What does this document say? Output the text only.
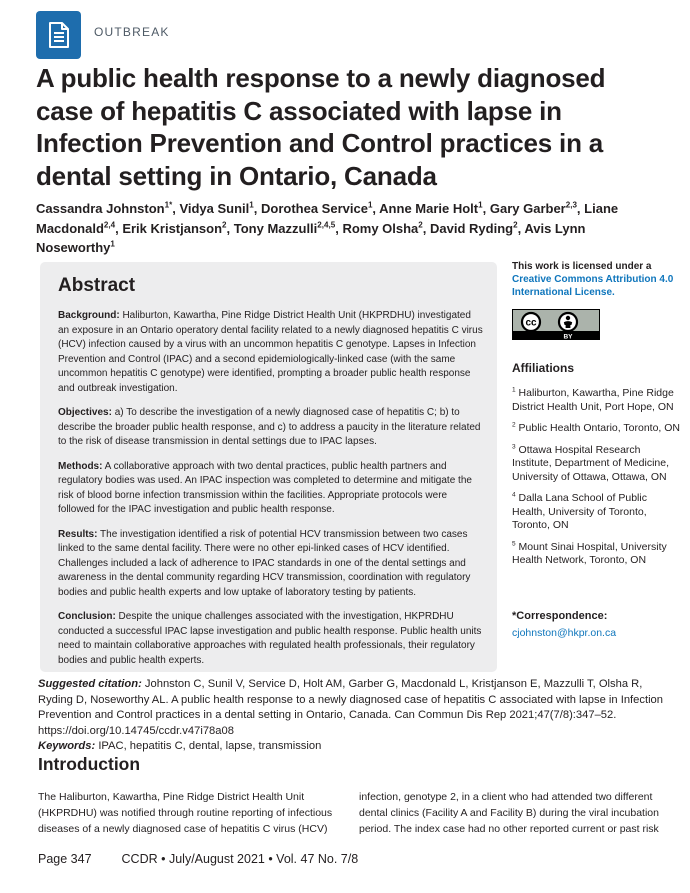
OUTBREAK
A public health response to a newly diagnosed case of hepatitis C associated with lapse in Infection Prevention and Control practices in a dental setting in Ontario, Canada

Cassandra Johnston$^{1*}$, Vidya Sunil$^1$, Dorothea Service$^1$, Anne Marie Holt$^1$, Gary Garber$^{2,3}$, Liane Macdonald$^{2,4}$, Erik Kristjanson$^2$, Tony Mazzulli$^{2,4,5}$, Romy Olsha$^2$, David Ryding$^2$, Avis Lynn Noseworthy$^1$

Abstract

Background: Haliburton, Kawartha, Pine Ridge District Health Unit (HKPRDHU) investigated an exposure in an Ontario operatory dental facility related to a newly diagnosed hepatitis C virus (HCV) infection caused by a virus with an uncommon hepatitis C genotype. Lapses in Infection Prevention and Control (IPAC) and a second epidemiologically-linked case (with the same uncommon hepatitis C genotype) were identified, prompting a broader public health response and outbreak investigation.

Objectives: a) To describe the investigation of a newly diagnosed case of hepatitis C; b) to describe the broader public health response, and c) to address a paucity in the literature related to the risk of disease transmission in dental settings due to IPAC lapses.

Methods: A collaborative approach with two dental practices, public health partners and regulatory bodies was used. An IPAC inspection was completed to determine and mitigate the risk of blood borne infection transmission within the facilities. Appropriate protocols were followed for the IPAC investigation and public health response.

Results: The investigation identified a risk of potential HCV transmission between two cases linked to the same dental facility. There were no other epi-linked cases of HCV identified. Challenges included a lack of adherence to IPAC standards in one of the dental settings and awareness in the dental community regarding HCV transmission, coordination with regulatory bodies and public health experts and low uptake of laboratory testing by patients.

Conclusion: Despite the unique challenges associated with the investigation, HKPRDHU conducted a successful IPAC lapse investigation and public health response. Public health units need to maintain collaborative approaches with regulated health professionals, their regulatory bodies and public health experts.

This work is licensed under a Creative Commons Attribution 4.0 International License.

cc
BY
Affiliations

$^1$ Haliburton, Kawartha, Pine Ridge District Health Unit, Port Hope, ON

$^2$ Public Health Ontario, Toronto, ON

$^3$ Ottawa Hospital Research Institute, Department of Medicine, University of Ottawa, Ottawa, ON

$^4$ Dalla Lana School of Public Health, University of Toronto, Toronto, ON

$^5$ Mount Sinai Hospital, University Health Network, Toronto, ON

*Correspondence:

cjohnston@hkpr.on.ca

Suggested citation: Johnston C, Sunil V, Service D, Holt AM, Garber G, Macdonald L, Kristjanson E, Mazzulli T, Olsha R, Ryding D, Noseworthy AL. A public health response to a newly diagnosed case of hepatitis C associated with lapse in Infection Prevention and Control practices in a dental setting in Ontario, Canada. Can Commun Dis Rep 2021;47(7/8):347–52. https://doi.org/10.14745/ccdr.v47i78a08

Keywords: IPAC, hepatitis C, dental, lapse, transmission

Introduction

The Haliburton, Kawartha, Pine Ridge District Health Unit (HKPRDHU) was notified through routine reporting of infectious diseases of a newly diagnosed case of hepatitis C virus (HCV)

infection, genotype 2, in a client who had attended two different dental clinics (Facility A and Facility B) during the viral incubation period. The index case had no other reported current or past risk

Page 347 CCDR • July/August 2021 • Vol. 47 No. 7/8
